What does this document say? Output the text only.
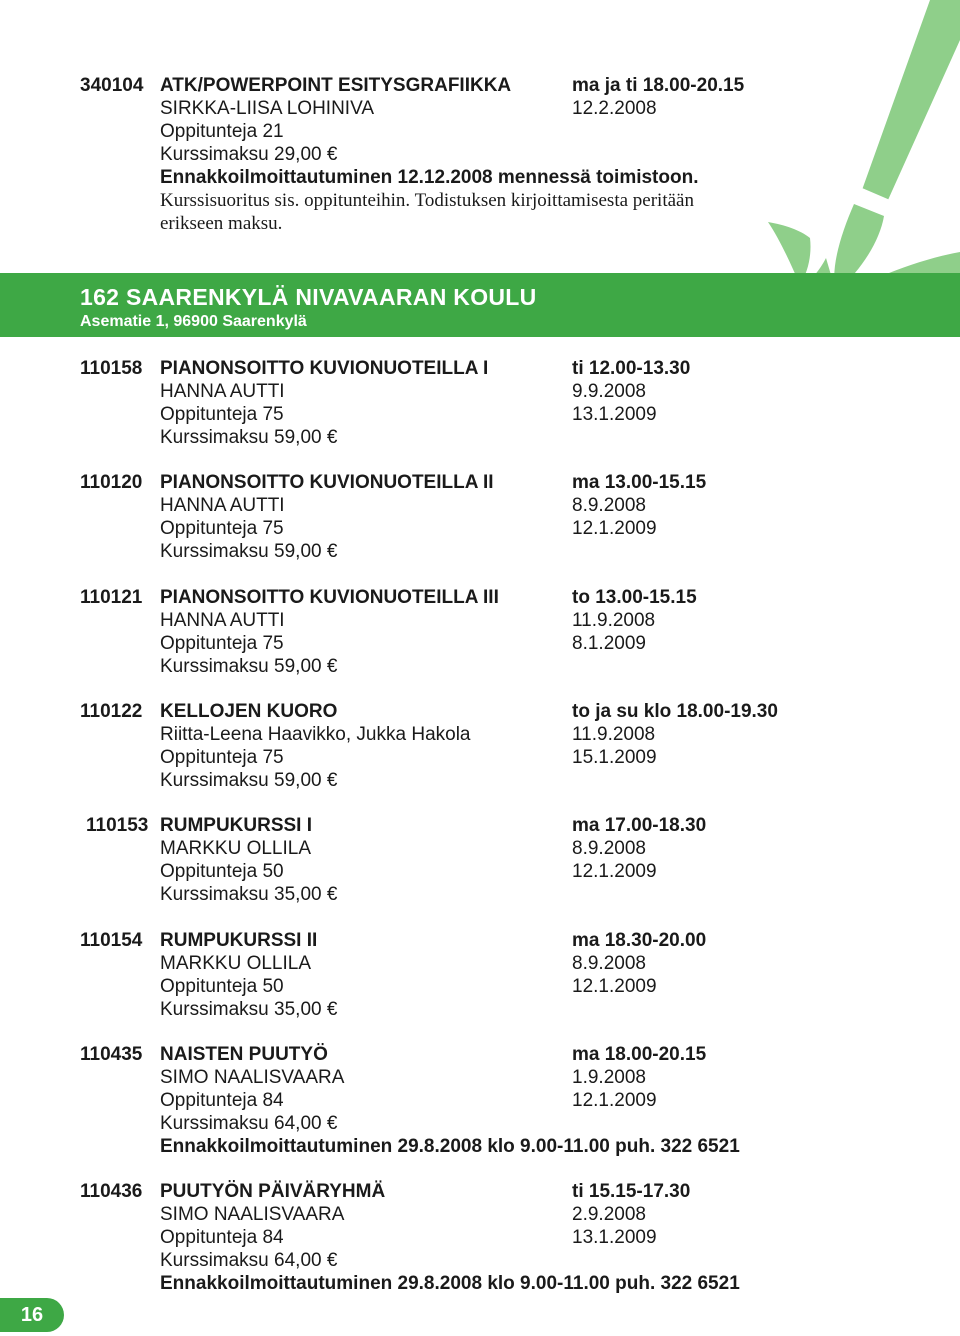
340104 ATK/POWERPOINT ESITYSGRAFIIKKA	ma ja ti 18.00-20.15
SIRKKA-LIISA LOHINIVA	12.2.2008
Oppitunteja 21
Kurssimaksu 29,00 €
Ennakkoilmoittautuminen 12.12.2008 mennessä toimistoon.
Kurssisuoritus sis. oppitunteihin. Todistuksen kirjoittamisesta peritään
erikseen maksu.
162 SAARENKYLÄ NIVAVAARAN KOULU
Asematie 1, 96900 Saarenkylä
110158 PIANONSOITTO KUVIONUOTEILLA I	ti 12.00-13.30
HANNA AUTTI	9.9.2008
Oppitunteja 75	13.1.2009
Kurssimaksu 59,00 €
110120 PIANONSOITTO KUVIONUOTEILLA II	ma 13.00-15.15
HANNA AUTTI	8.9.2008
Oppitunteja 75	12.1.2009
Kurssimaksu 59,00 €
110121 PIANONSOITTO KUVIONUOTEILLA III	to 13.00-15.15
HANNA AUTTI	11.9.2008
Oppitunteja 75	8.1.2009
Kurssimaksu 59,00 €
110122 KELLOJEN KUORO	to ja su klo 18.00-19.30
Riitta-Leena Haavikko, Jukka Hakola	11.9.2008
Oppitunteja 75	15.1.2009
Kurssimaksu 59,00 €
110153 RUMPUKURSSI I	ma 17.00-18.30
MARKKU OLLILA	8.9.2008
Oppitunteja 50	12.1.2009
Kurssimaksu 35,00 €
110154 RUMPUKURSSI II	ma 18.30-20.00
MARKKU OLLILA	8.9.2008
Oppitunteja 50	12.1.2009
Kurssimaksu 35,00 €
110435 NAISTEN PUUTYÖ	ma 18.00-20.15
SIMO NAALISVAARA	1.9.2008
Oppitunteja 84	12.1.2009
Kurssimaksu 64,00 €
Ennakkoilmoittautuminen 29.8.2008 klo 9.00-11.00 puh. 322 6521
110436 PUUTYÖN PÄIVÄRYHMÄ	ti 15.15-17.30
SIMO NAALISVAARA	2.9.2008
Oppitunteja 84	13.1.2009
Kurssimaksu 64,00 €
Ennakkoilmoittautuminen 29.8.2008 klo 9.00-11.00 puh. 322 6521
16
